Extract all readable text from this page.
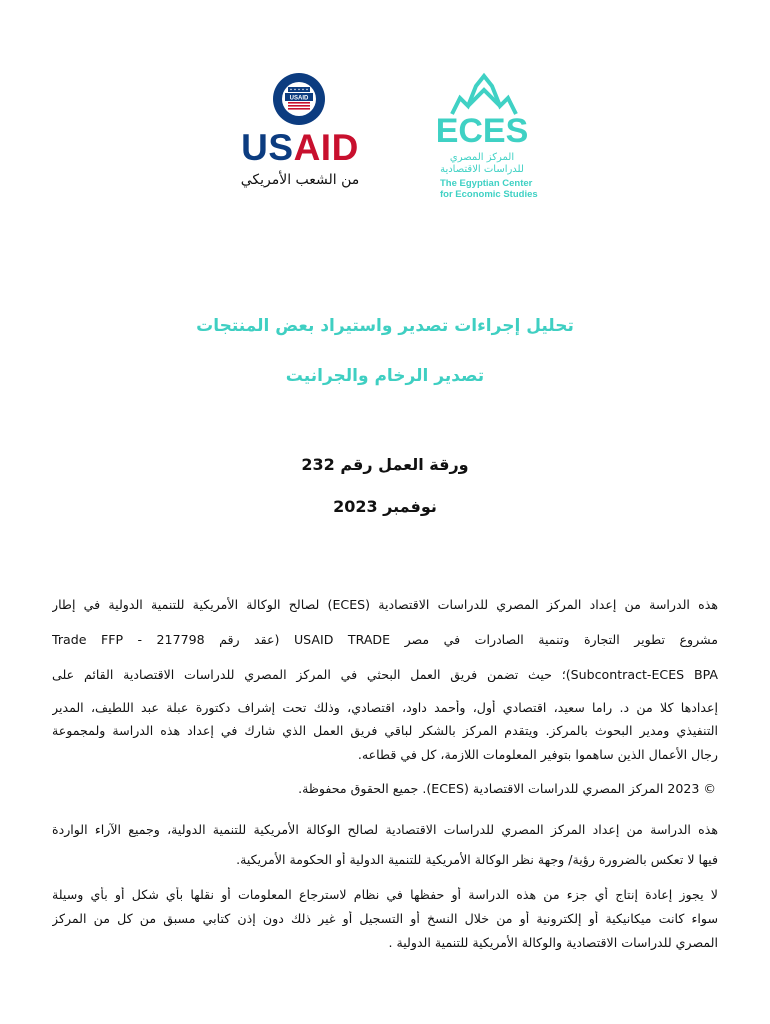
USAID
USAID
من الشعب الأمريكي
ECES
المركز المصري
للدراسات الاقتصادية
The Egyptian Center
for Economic Studies
تحليل إجراءات تصدير واستيراد بعض المنتجات
تصدير الرخام والجرانيت
ورقة العمل رقم 232
نوفمبر 2023
هذه الدراسة من إعداد المركز المصري للدراسات الاقتصادية (ECES) لصالح الوكالة الأمريكية للتنمية الدولية في إطار
مشروع تطوير التجارة وتنمية الصادرات في مصر USAID TRADE (عقد رقم 217798 - Trade FFP
Subcontract-ECES BPA)؛ حيث تضمن فريق العمل البحثي في المركز المصري للدراسات الاقتصادية القائم على
إعدادها كلا من د. راما سعيد، اقتصادي أول، وأحمد داود، اقتصادي، وذلك تحت إشراف دكتورة عبلة عبد اللطيف، المدير
التنفيذي ومدير البحوث بالمركز. ويتقدم المركز بالشكر لباقي فريق العمل الذي شارك في إعداد هذه الدراسة ولمجموعة
رجال الأعمال الذين ساهموا بتوفير المعلومات اللازمة، كل في قطاعه.
© 2023 المركز المصري للدراسات الاقتصادية (ECES). جميع الحقوق محفوظة.
هذه الدراسة من إعداد المركز المصري للدراسات الاقتصادية لصالح الوكالة الأمريكية للتنمية الدولية، وجميع الآراء الواردة
فيها لا تعكس بالضرورة رؤية/ وجهة نظر الوكالة الأمريكية للتنمية الدولية أو الحكومة الأمريكية.
لا يجوز إعادة إنتاج أي جزء من هذه الدراسة أو حفظها في نظام لاسترجاع المعلومات أو نقلها بأي شكل أو بأي وسيلة
سواء كانت ميكانيكية أو إلكترونية أو من خلال النسخ أو التسجيل أو غير ذلك دون إذن كتابي مسبق من كل من المركز
المصري للدراسات الاقتصادية والوكالة الأمريكية للتنمية الدولية .
